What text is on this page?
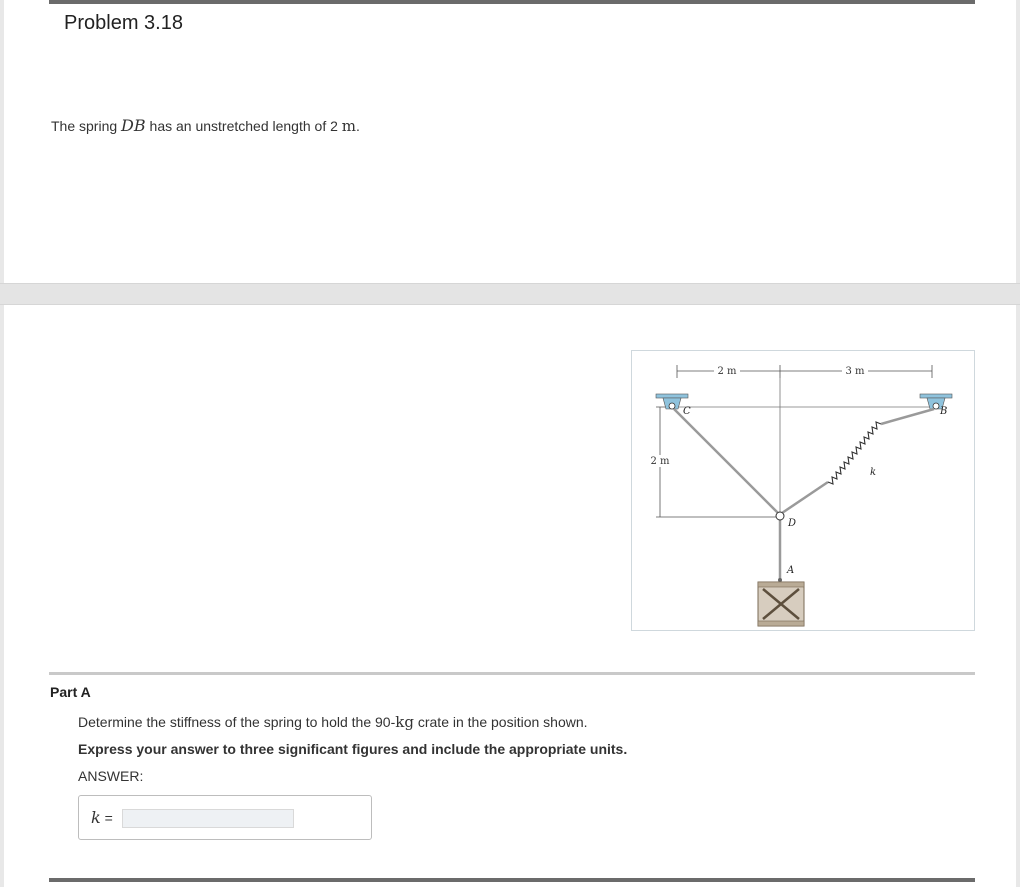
Problem 3.18
The spring DB has an unstretched length of 2 m.
2 m	3 m
2 m
C	B
k
D
A
Part A
Determine the stiffness of the spring to hold the 90-kg crate in the position shown.
Express your answer to three significant figures and include the appropriate units.
ANSWER:
k =
